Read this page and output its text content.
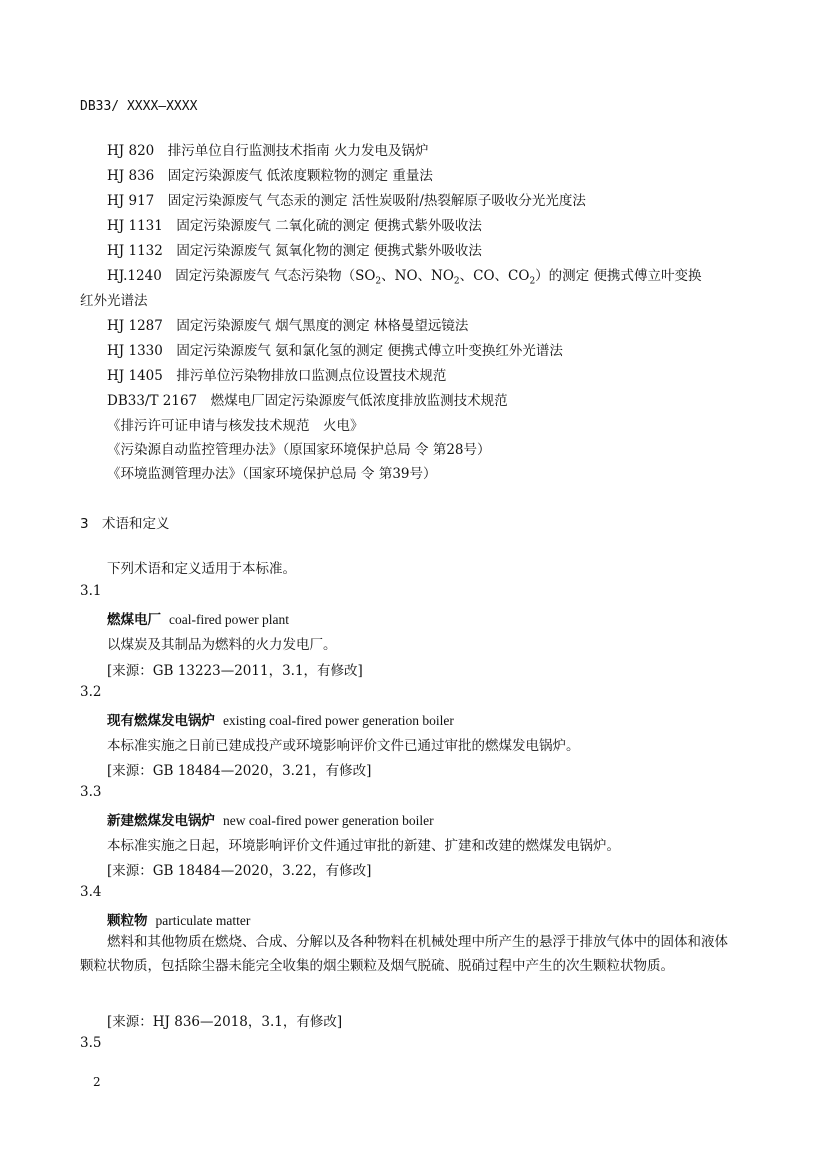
DB33/ XXXX—XXXX
HJ 820　排污单位自行监测技术指南 火力发电及锅炉
HJ 836　固定污染源废气 低浓度颗粒物的测定 重量法
HJ 917　固定污染源废气 气态汞的测定 活性炭吸附/热裂解原子吸收分光光度法
HJ 1131　固定污染源废气 二氧化硫的测定 便携式紫外吸收法
HJ 1132　固定污染源废气 氮氧化物的测定 便携式紫外吸收法
HJ.1240　固定污染源废气 气态污染物（$SO_2$、NO、$NO_2$、CO、$CO_2$）的测定 便携式傅立叶变换
红外光谱法
HJ 1287　固定污染源废气 烟气黑度的测定 林格曼望远镜法
HJ 1330　固定污染源废气 氨和氯化氢的测定 便携式傅立叶变换红外光谱法
HJ 1405　排污单位污染物排放口监测点位设置技术规范
DB33/T 2167　燃煤电厂固定污染源废气低浓度排放监测技术规范
《排污许可证申请与核发技术规范　火电》
《污染源自动监控管理办法》（原国家环境保护总局 令 第28号）
《环境监测管理办法》（国家环境保护总局 令 第39号）
3 术语和定义
下列术语和定义适用于本标准。
3.1
燃煤电厂 coal-fired power plant
以煤炭及其制品为燃料的火力发电厂。
[来源：GB 13223—2011，3.1，有修改]
3.2
现有燃煤发电锅炉 existing coal-fired power generation boiler
本标准实施之日前已建成投产或环境影响评价文件已通过审批的燃煤发电锅炉。
[来源：GB 18484—2020，3.21，有修改]
3.3
新建燃煤发电锅炉 new coal-fired power generation boiler
本标准实施之日起，环境影响评价文件通过审批的新建、扩建和改建的燃煤发电锅炉。
[来源：GB 18484—2020，3.22，有修改]
3.4
颗粒物 particulate matter
燃料和其他物质在燃烧、合成、分解以及各种物料在机械处理中所产生的悬浮于排放气体中的固体和液体颗粒状物质，包括除尘器未能完全收集的烟尘颗粒及烟气脱硫、脱硝过程中产生的次生颗粒状物质。
[来源：HJ 836—2018，3.1，有修改]
3.5
2
